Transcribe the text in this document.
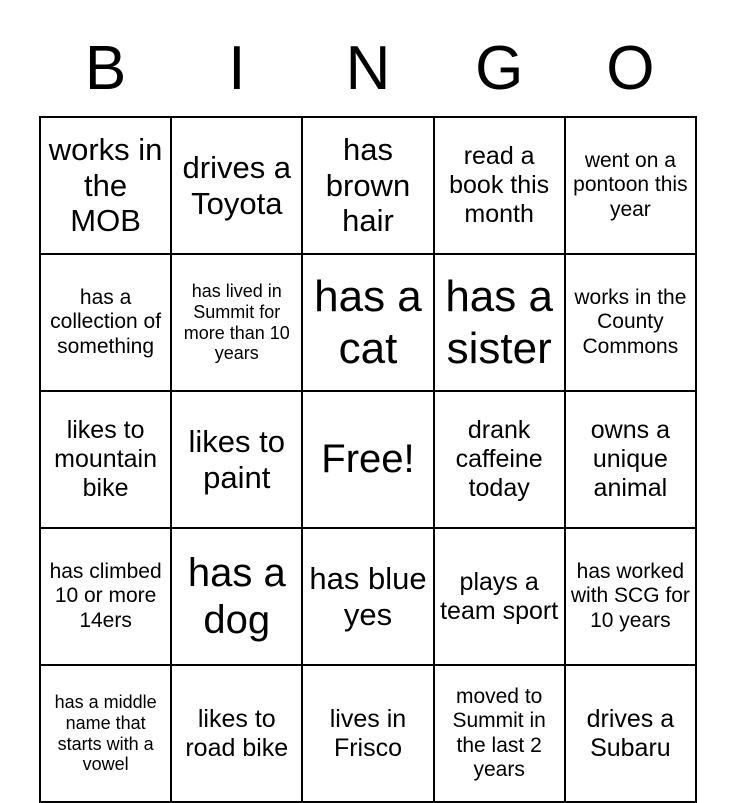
B	I	N	G	O
works in the MOB	drives a Toyota	has brown hair	read a book this month	went on a pontoon this year

has a collection of something	has lived in Summit for more than 10 years	has a cat	has a sister	works in the County Commons

likes to mountain bike	likes to paint	Free!	drank caffeine today	owns a unique animal

has climbed 10 or more 14ers	has a dog	has blue yes	plays a team sport	has worked with SCG for 10 years

has a middle name that starts with a vowel	likes to road bike	lives in Frisco	moved to Summit in the last 2 years	drives a Subaru
